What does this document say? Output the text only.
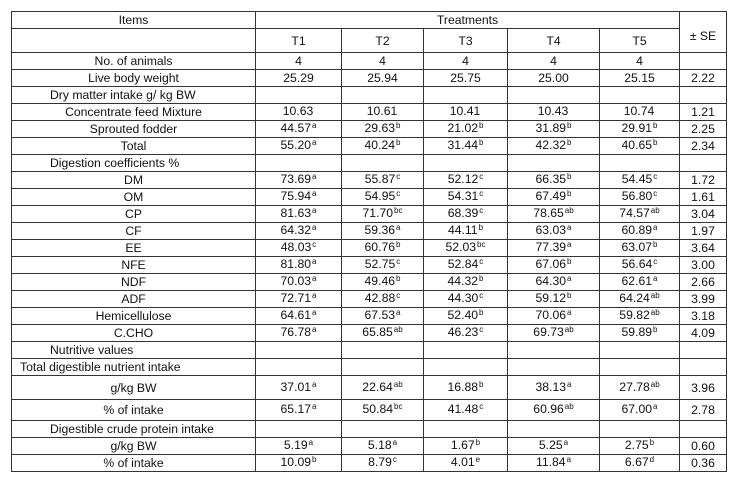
Items	Treatments					
	T1	T2	T3	T4	T5	± SE
No. of animals	4	4	4	4	4	
Live body weight	25.29	25.94	25.75	25.00	25.15	2.22
Dry matter intake g/ kg BW						
Concentrate feed Mixture	10.63	10.61	10.41	10.43	10.74	1.21
Sprouted fodder	44.57$^a$	29.63$^b$	21.02$^b$	31.89$^b$	29.91$^b$	2.25
Total	55.20$^a$	40.24$^b$	31.44$^b$	42.32$^b$	40.65$^b$	2.34
Digestion coefficients %						
DM	73.69$^a$	55.87$^c$	52.12$^c$	66.35$^b$	54.45$^c$	1.72
OM	75.94$^a$	54.95$^c$	54.31$^c$	67.49$^b$	56.80$^c$	1.61
CP	81.63$^a$	71.70$^{bc}$	68.39$^c$	78.65$^{ab}$	74.57$^{ab}$	3.04
CF	64.32$^a$	59.36$^a$	44.11$^b$	63.03$^a$	60.89$^a$	1.97
EE	48.03$^c$	60.76$^b$	52.03$^{bc}$	77.39$^a$	63.07$^b$	3.64
NFE	81.80$^a$	52.75$^c$	52.84$^c$	67.06$^b$	56.64$^c$	3.00
NDF	70.03$^a$	49.46$^b$	44.32$^b$	64.30$^a$	62.61$^a$	2.66
ADF	72.71$^a$	42.88$^c$	44.30$^c$	59.12$^b$	64.24$^{ab}$	3.99
Hemicellulose	64.61$^a$	67.53$^a$	52.40$^b$	70.06$^a$	59.82$^{ab}$	3.18
C.CHO	76.78$^a$	65.85$^{ab}$	46.23$^c$	69.73$^{ab}$	59.89$^b$	4.09
Nutritive values						
Total digestible nutrient intake						
g/kg BW	37.01$^a$	22.64$^{ab}$	16.88$^b$	38.13$^a$	27.78$^{ab}$	3.96
% of intake	65.17$^a$	50.84$^{bc}$	41.48$^c$	60.96$^{ab}$	67.00$^a$	2.78
Digestible crude protein intake						
g/kg BW	5.19$^a$	5.18$^a$	1.67$^b$	5.25$^a$	2.75$^b$	0.60
% of intake	10.09$^b$	8.79$^c$	4.01e	11.84$^a$	6.67$^d$	0.36
